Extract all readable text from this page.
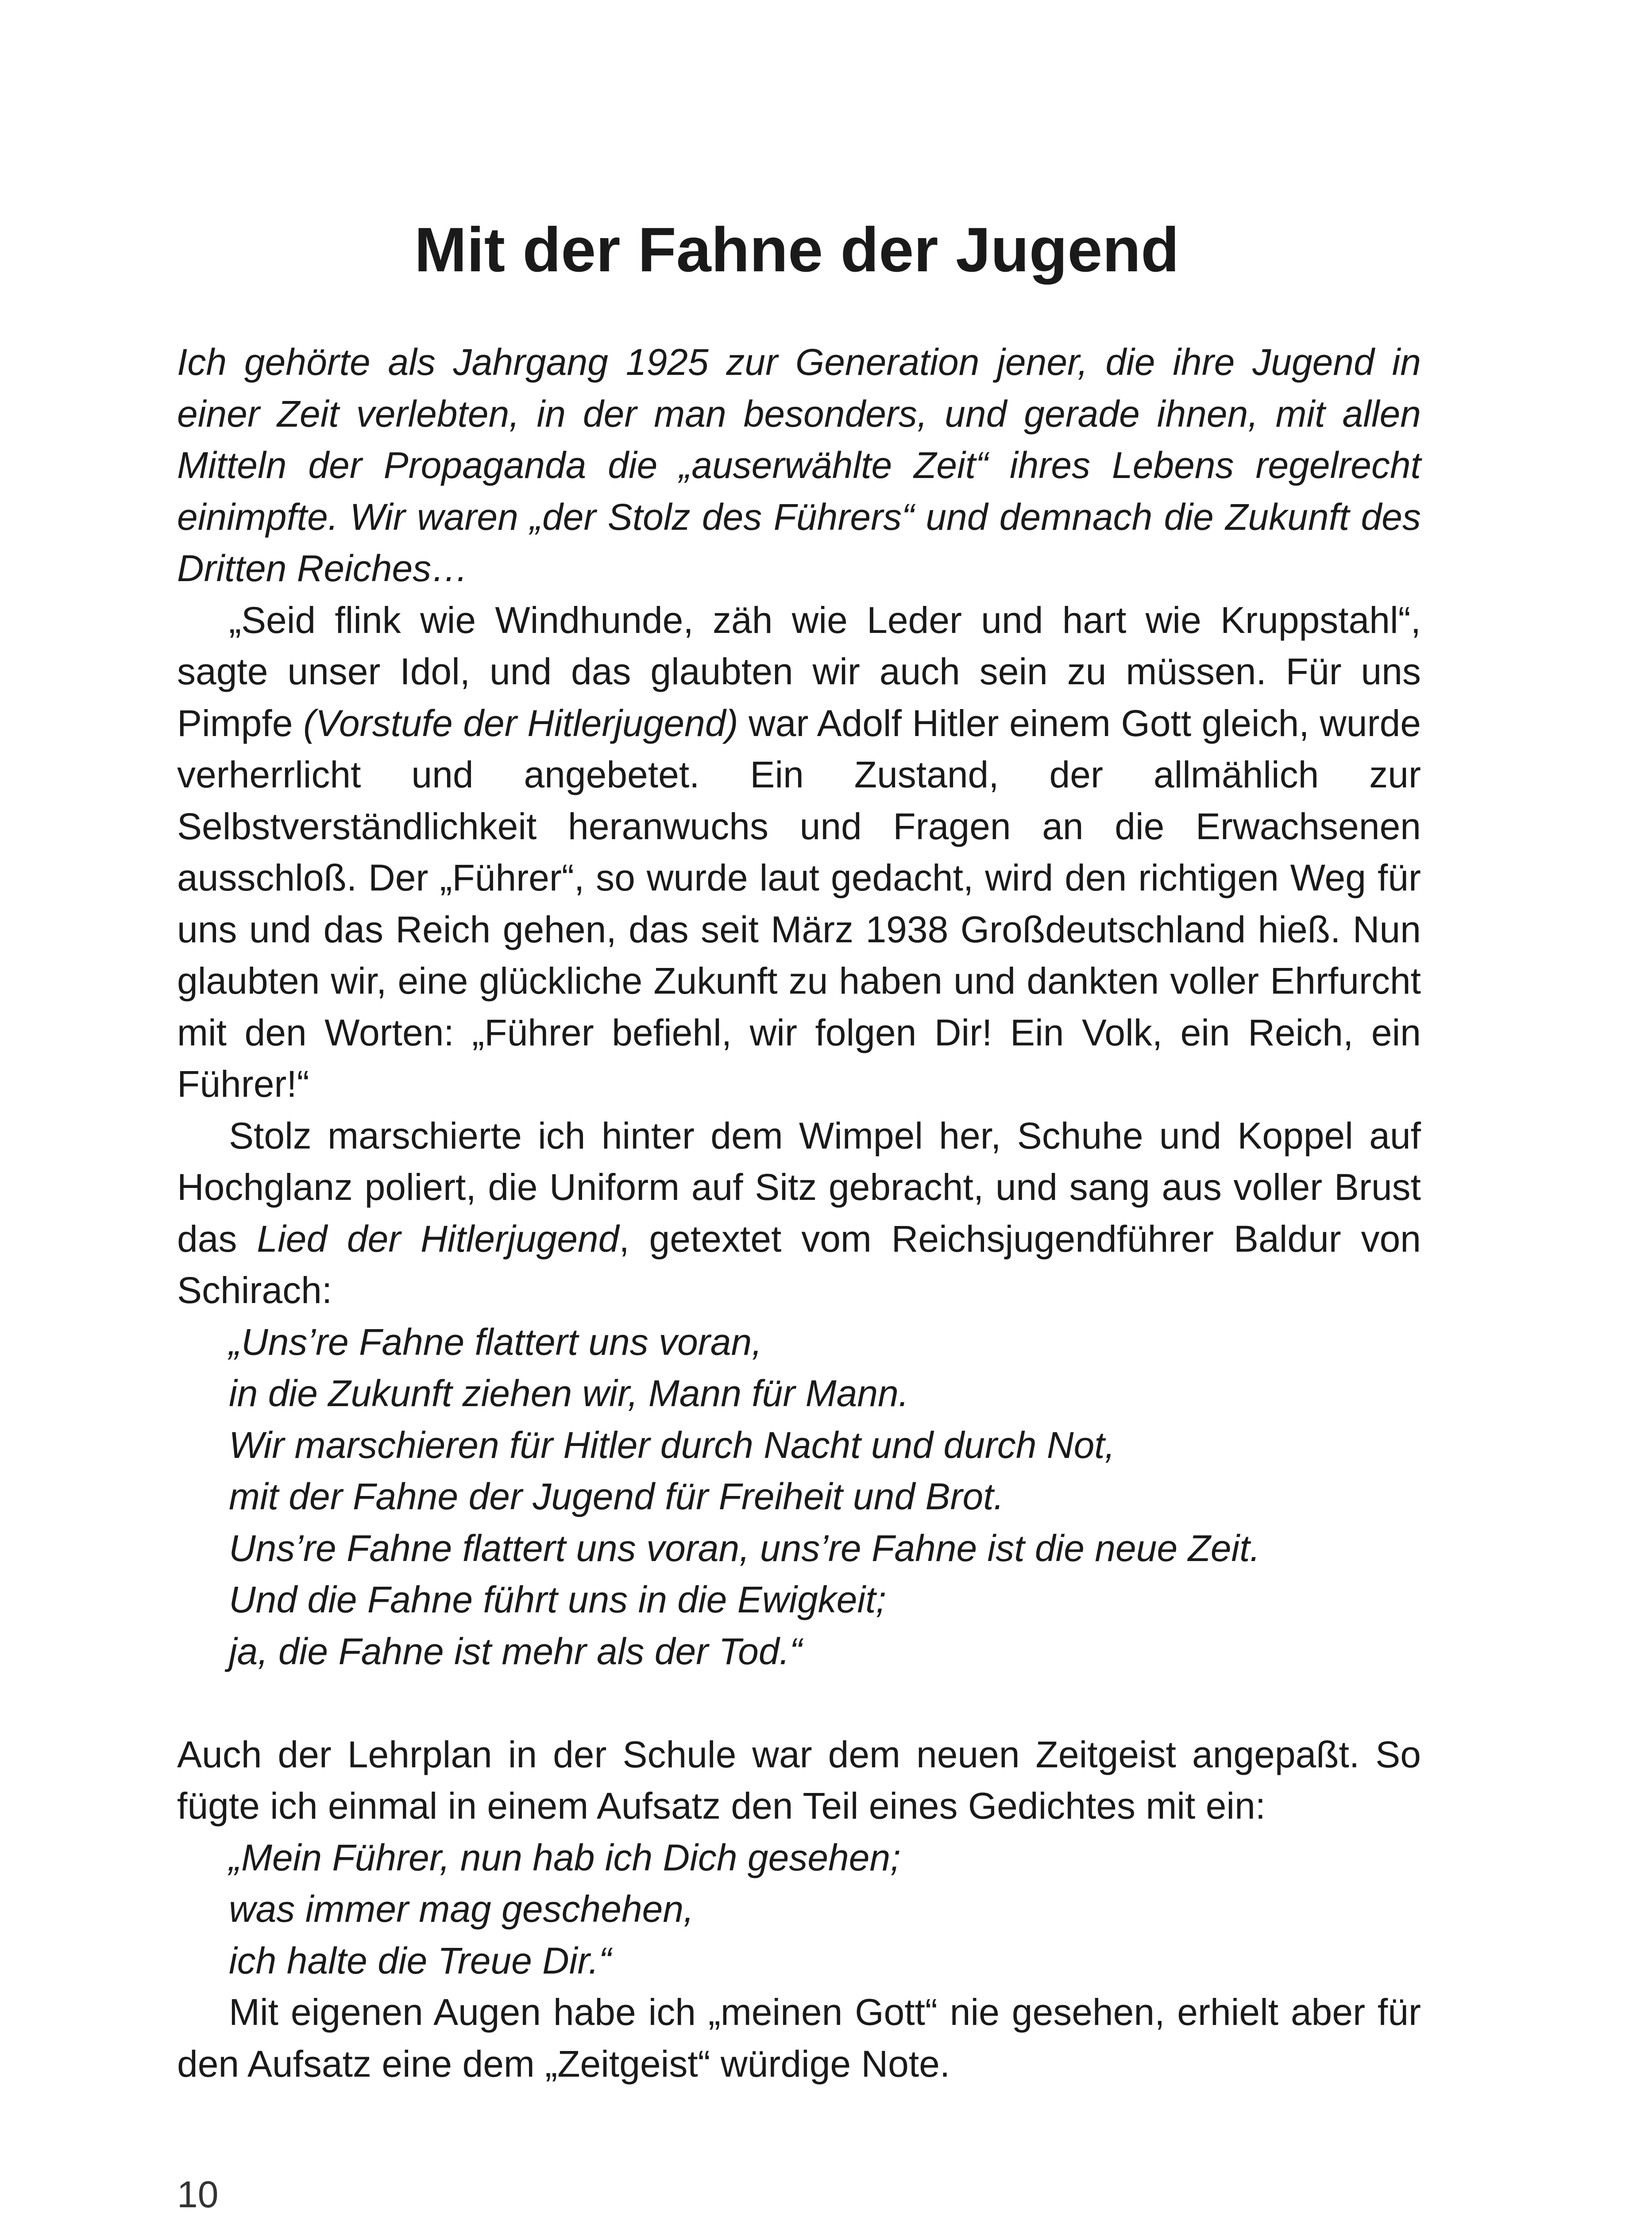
Mit der Fahne der Jugend

Ich gehörte als Jahrgang 1925 zur Generation jener, die ihre Jugend in einer Zeit verlebten, in der man besonders, und gerade ihnen, mit allen Mitteln der Propaganda die „auserwählte Zeit“ ihres Lebens regelrecht einimpfte. Wir waren „der Stolz des Führers“ und demnach die Zukunft des Dritten Reiches…

„Seid flink wie Windhunde, zäh wie Leder und hart wie Kruppstahl“, sagte unser Idol, und das glaubten wir auch sein zu müssen. Für uns Pimpfe (Vorstufe der Hitlerjugend) war Adolf Hitler einem Gott gleich, wurde verherrlicht und angebetet. Ein Zustand, der allmählich zur Selbstverständlichkeit heranwuchs und Fragen an die Erwachsenen ausschloß. Der „Führer“, so wurde laut gedacht, wird den richtigen Weg für uns und das Reich gehen, das seit März 1938 Großdeutschland hieß. Nun glaubten wir, eine glückliche Zukunft zu haben und dankten voller Ehrfurcht mit den Worten: „Führer befiehl, wir folgen Dir! Ein Volk, ein Reich, ein Führer!“

Stolz marschierte ich hinter dem Wimpel her, Schuhe und Koppel auf Hochglanz poliert, die Uniform auf Sitz gebracht, und sang aus voller Brust das Lied der Hitlerjugend, getextet vom Reichsjugendführer Baldur von Schirach:

„Uns’re Fahne flattert uns voran,
in die Zukunft ziehen wir, Mann für Mann.
Wir marschieren für Hitler durch Nacht und durch Not,
mit der Fahne der Jugend für Freiheit und Brot.
Uns’re Fahne flattert uns voran, uns’re Fahne ist die neue Zeit.
Und die Fahne führt uns in die Ewigkeit;
ja, die Fahne ist mehr als der Tod.“

Auch der Lehrplan in der Schule war dem neuen Zeitgeist angepaßt. So fügte ich einmal in einem Aufsatz den Teil eines Gedichtes mit ein:

„Mein Führer, nun hab ich Dich gesehen;
was immer mag geschehen,
ich halte die Treue Dir.“

Mit eigenen Augen habe ich „meinen Gott“ nie gesehen, erhielt aber für den Aufsatz eine dem „Zeitgeist“ würdige Note.

10
